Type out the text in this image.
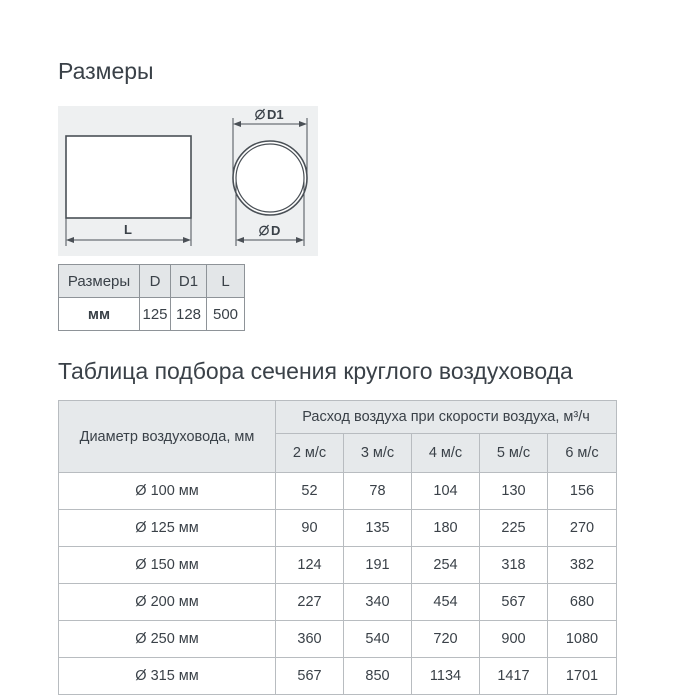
Размеры
L
D1
D
Размеры	D	D1	L
мм	125	128	500
Таблица подбора сечения круглого воздуховода
Диаметр воздуховода, мм	Расход воздуха при скорости воздуха, м³/ч				
	2 м/с	3 м/с	4 м/с	5 м/с	6 м/с
Ø 100 мм	52	78	104	130	156
Ø 125 мм	90	135	180	225	270
Ø 150 мм	124	191	254	318	382
Ø 200 мм	227	340	454	567	680
Ø 250 мм	360	540	720	900	1080
Ø 315 мм	567	850	1134	1417	1701
